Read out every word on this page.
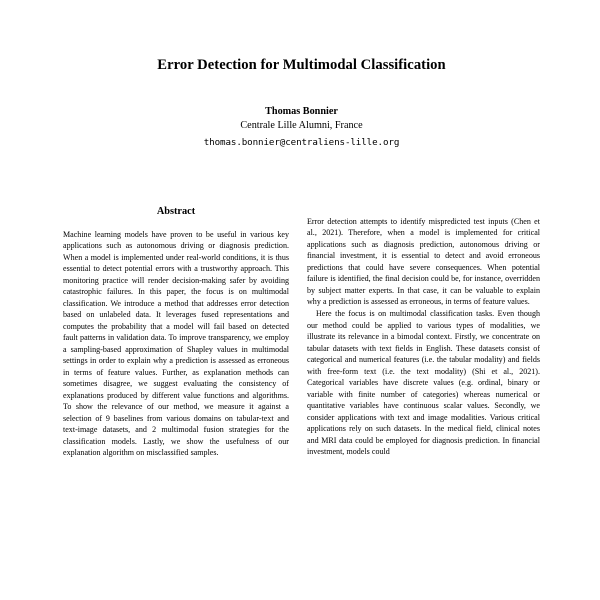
Error Detection for Multimodal Classification

Thomas Bonnier

Centrale Lille Alumni, France

thomas.bonnier@centraliens-lille.org

Abstract

Machine learning models have proven to be useful in various key applications such as autonomous driving or diagnosis prediction. When a model is implemented under real-world conditions, it is thus essential to detect potential errors with a trustworthy approach. This monitoring practice will render decision-making safer by avoiding catastrophic failures. In this paper, the focus is on multimodal classification. We introduce a method that addresses error detection based on unlabeled data. It leverages fused representations and computes the probability that a model will fail based on detected fault patterns in validation data. To improve transparency, we employ a sampling-based approximation of Shapley values in multimodal settings in order to explain why a prediction is assessed as erroneous in terms of feature values. Further, as explanation methods can sometimes disagree, we suggest evaluating the consistency of explanations produced by different value functions and algorithms. To show the relevance of our method, we measure it against a selection of 9 baselines from various domains on tabular-text and text-image datasets, and 2 multimodal fusion strategies for the classification models. Lastly, we show the usefulness of our explanation algorithm on misclassified samples.

Error detection attempts to identify mispredicted test inputs (Chen et al., 2021). Therefore, when a model is implemented for critical applications such as diagnosis prediction, autonomous driving or financial investment, it is essential to detect and avoid erroneous predictions that could have severe consequences. When potential failure is identified, the final decision could be, for instance, overridden by subject matter experts. In that case, it can be valuable to explain why a prediction is assessed as erroneous, in terms of feature values.

Here the focus is on multimodal classification tasks. Even though our method could be applied to various types of modalities, we illustrate its relevance in a bimodal context. Firstly, we concentrate on tabular datasets with text fields in English. These datasets consist of categorical and numerical features (i.e. the tabular modality) and fields with free-form text (i.e. the text modality) (Shi et al., 2021). Categorical variables have discrete values (e.g. ordinal, binary or variable with finite number of categories) whereas numerical or quantitative variables have continuous scalar values. Secondly, we consider applications with text and image modalities. Various critical applications rely on such datasets. In the medical field, clinical notes and MRI data could be employed for diagnosis prediction. In financial investment, models could
